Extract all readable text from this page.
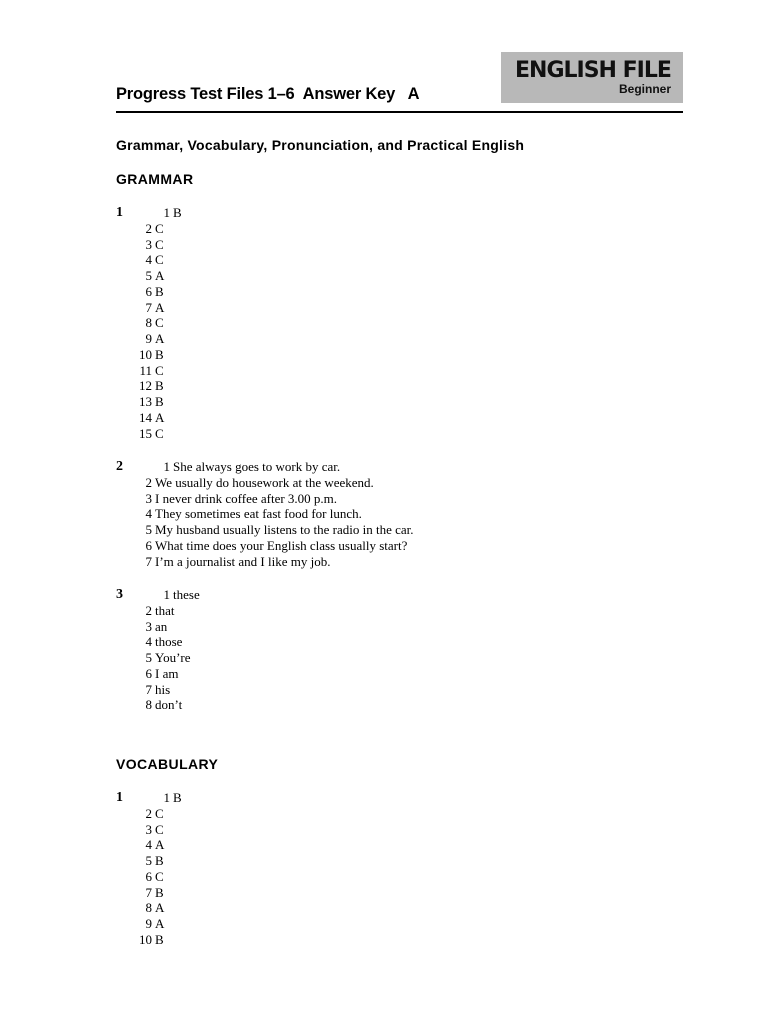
ENGLISH FILE
Beginner
Progress Test Files 1–6  Answer Key   A
Grammar, Vocabulary, Pronunciation, and Practical English
GRAMMAR
1	1 B
2 C
3 C
4 C
5 A
6 B
7 A
8 C
9 A
10 B
11 C
12 B
13 B
14 A
15 C
2	1 She always goes to work by car.
2 We usually do housework at the weekend.
3 I never drink coffee after 3.00 p.m.
4 They sometimes eat fast food for lunch.
5 My husband usually listens to the radio in the car.
6 What time does your English class usually start?
7 I’m a journalist and I like my job.
3	1 these
2 that
3 an
4 those
5 You’re
6 I am
7 his
8 don’t
VOCABULARY
1	1 B
2 C
3 C
4 A
5 B
6 C
7 B
8 A
9 A
10 B
